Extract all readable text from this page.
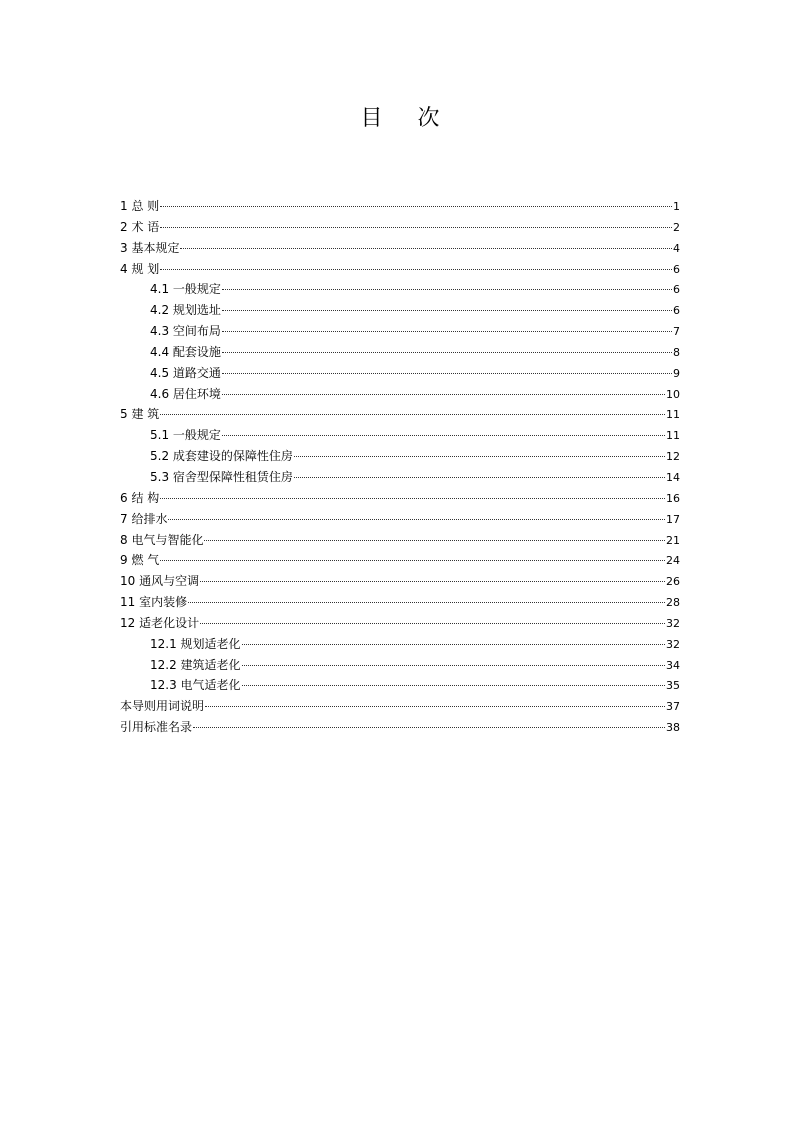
目 次
1 总 则	1
2 术 语	2
3 基本规定	4
4 规 划	6
4.1 一般规定	6
4.2 规划选址	6
4.3 空间布局	7
4.4 配套设施	8
4.5 道路交通	9
4.6 居住环境	10
5 建 筑	11
5.1 一般规定	11
5.2 成套建设的保障性住房	12
5.3 宿舍型保障性租赁住房	14
6 结 构	16
7 给排水	17
8 电气与智能化	21
9 燃 气	24
10 通风与空调	26
11 室内装修	28
12 适老化设计	32
12.1 规划适老化	32
12.2 建筑适老化	34
12.3 电气适老化	35
本导则用词说明	37
引用标准名录	38
